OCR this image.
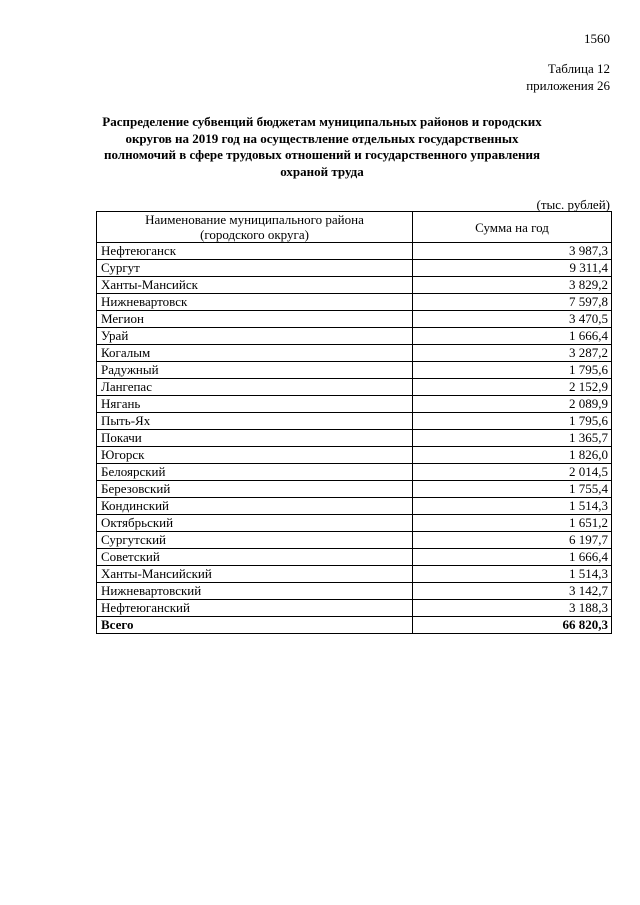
1560
Таблица 12
приложения 26
Распределение субвенций бюджетам муниципальных районов и городских округов на 2019 год на осуществление отдельных государственных полномочий в сфере трудовых отношений и государственного управления охраной труда
(тыс. рублей)
Наименование муниципального района
(городского округа)	Сумма на год
Нефтеюганск	3 987,3
Сургут	9 311,4
Ханты-Мансийск	3 829,2
Нижневартовск	7 597,8
Мегион	3 470,5
Урай	1 666,4
Когалым	3 287,2
Радужный	1 795,6
Лангепас	2 152,9
Нягань	2 089,9
Пыть-Ях	1 795,6
Покачи	1 365,7
Югорск	1 826,0
Белоярский	2 014,5
Березовский	1 755,4
Кондинский	1 514,3
Октябрьский	1 651,2
Сургутский	6 197,7
Советский	1 666,4
Ханты-Мансийский	1 514,3
Нижневартовский	3 142,7
Нефтеюганский	3 188,3
Всего	66 820,3
